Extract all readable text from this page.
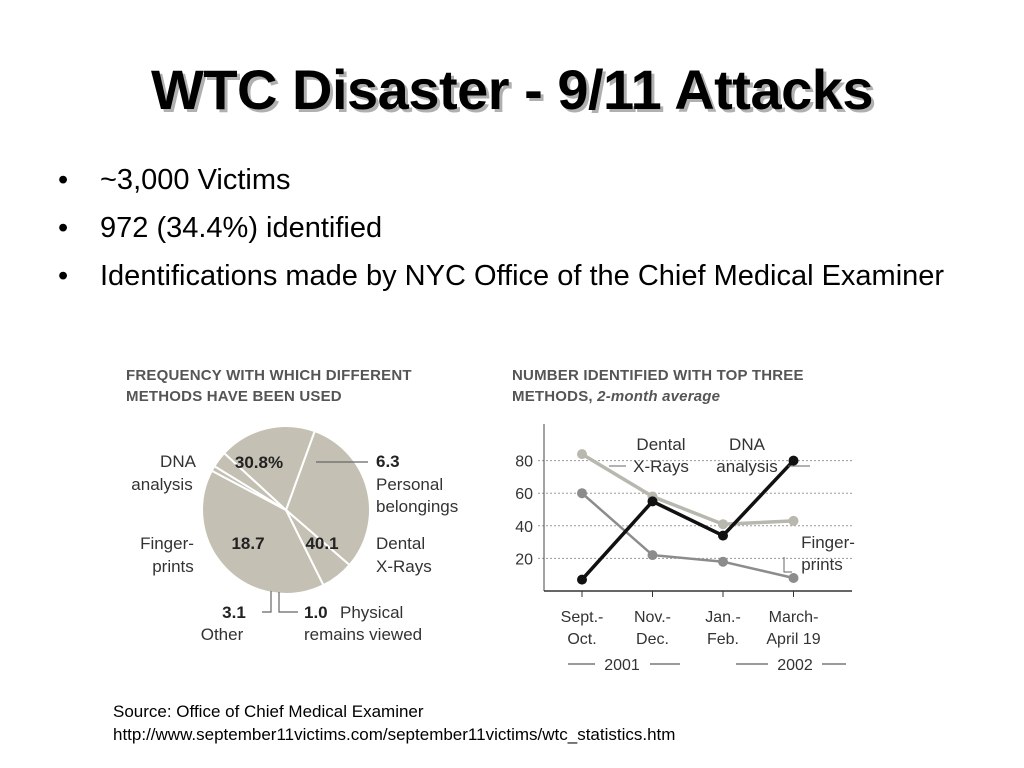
WTC Disaster - 9/11 Attacks
• ~3,000 Victims
• 972 (34.4%) identified
• Identifications made by NYC Office of the Chief Medical Examiner
FREQUENCY WITH WHICH DIFFERENT
METHODS HAVE BEEN USED
NUMBER IDENTIFIED WITH TOP THREE
METHODS, 2-month average
30.8%
40.1
18.7
DNA
analysis
Finger-
prints
6.3
Personal
belongings
Dental
X-Rays
1.0 Physical
remains viewed
3.1
Other
20
40
60
80
Sept.-
Oct.
Nov.-
Dec.
Jan.-
Feb.
March-
April 19
2001	2002
Dental
X-Rays
DNA
analysis
Finger-
prints
Source: Office of Chief Medical Examiner
http://www.september11victims.com/september11victims/wtc_statistics.htm
